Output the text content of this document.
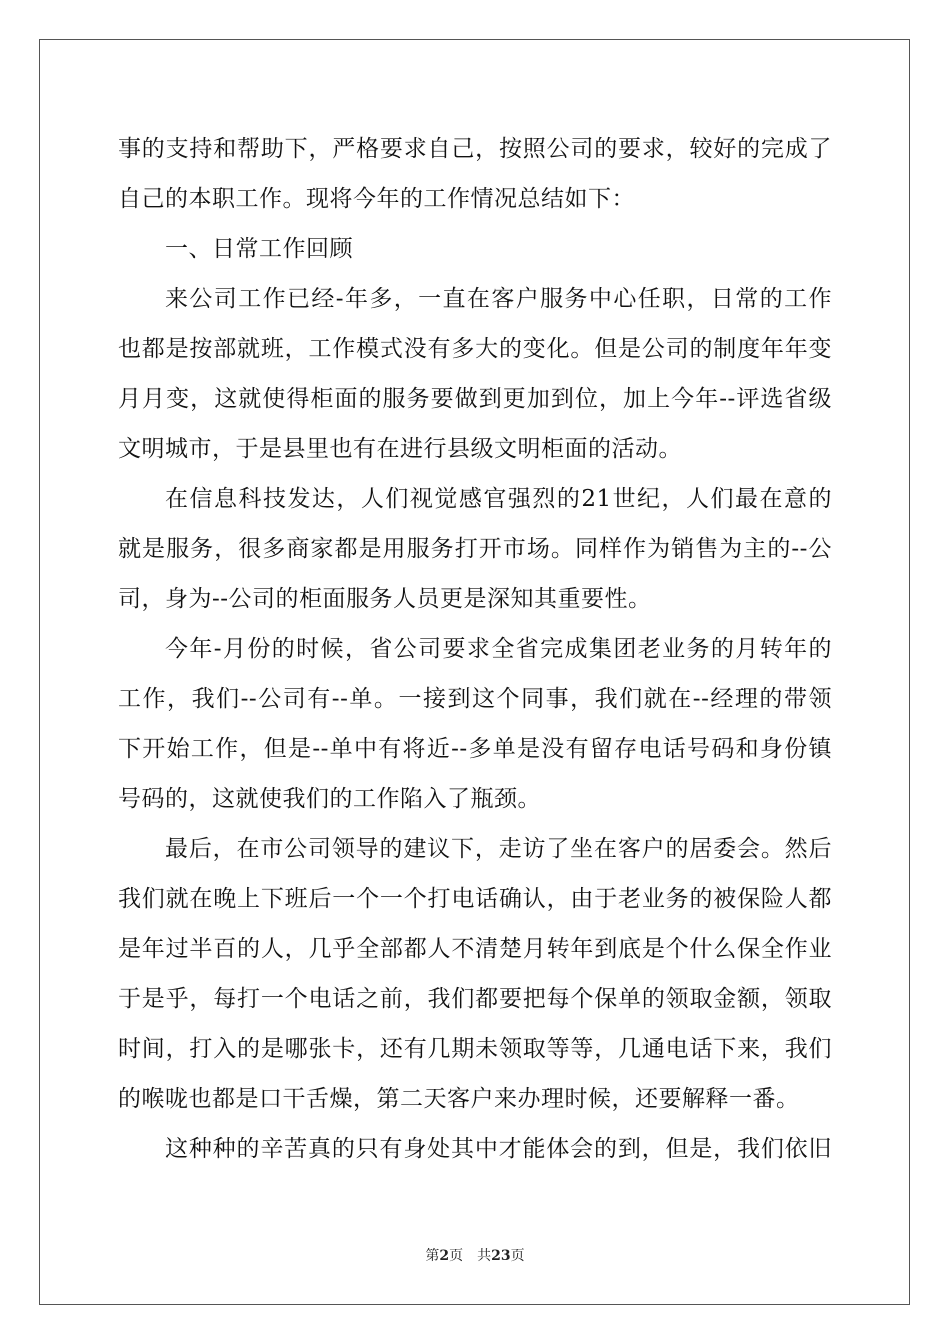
事的支持和帮助下，严格要求自己，按照公司的要求，较好的完成了
自己的本职工作。现将今年的工作情况总结如下：
一、日常工作回顾
来公司工作已经-年多，一直在客户服务中心任职，日常的工作
也都是按部就班，工作模式没有多大的变化。但是公司的制度年年变
月月变，这就使得柜面的服务要做到更加到位，加上今年--评选省级
文明城市，于是县里也有在进行县级文明柜面的活动。
在信息科技发达，人们视觉感官强烈的21世纪，人们最在意的
就是服务，很多商家都是用服务打开市场。同样作为销售为主的--公
司，身为--公司的柜面服务人员更是深知其重要性。
今年-月份的时候，省公司要求全省完成集团老业务的月转年的
工作，我们--公司有--单。一接到这个同事，我们就在--经理的带领
下开始工作，但是--单中有将近--多单是没有留存电话号码和身份镇
号码的，这就使我们的工作陷入了瓶颈。
最后，在市公司领导的建议下，走访了坐在客户的居委会。然后
我们就在晚上下班后一个一个打电话确认，由于老业务的被保险人都
是年过半百的人，几乎全部都人不清楚月转年到底是个什么保全作业
于是乎，每打一个电话之前，我们都要把每个保单的领取金额，领取
时间，打入的是哪张卡，还有几期未领取等等，几通电话下来，我们
的喉咙也都是口干舌燥，第二天客户来办理时候，还要解释一番。
这种种的辛苦真的只有身处其中才能体会的到，但是，我们依旧
第2页 共23页
